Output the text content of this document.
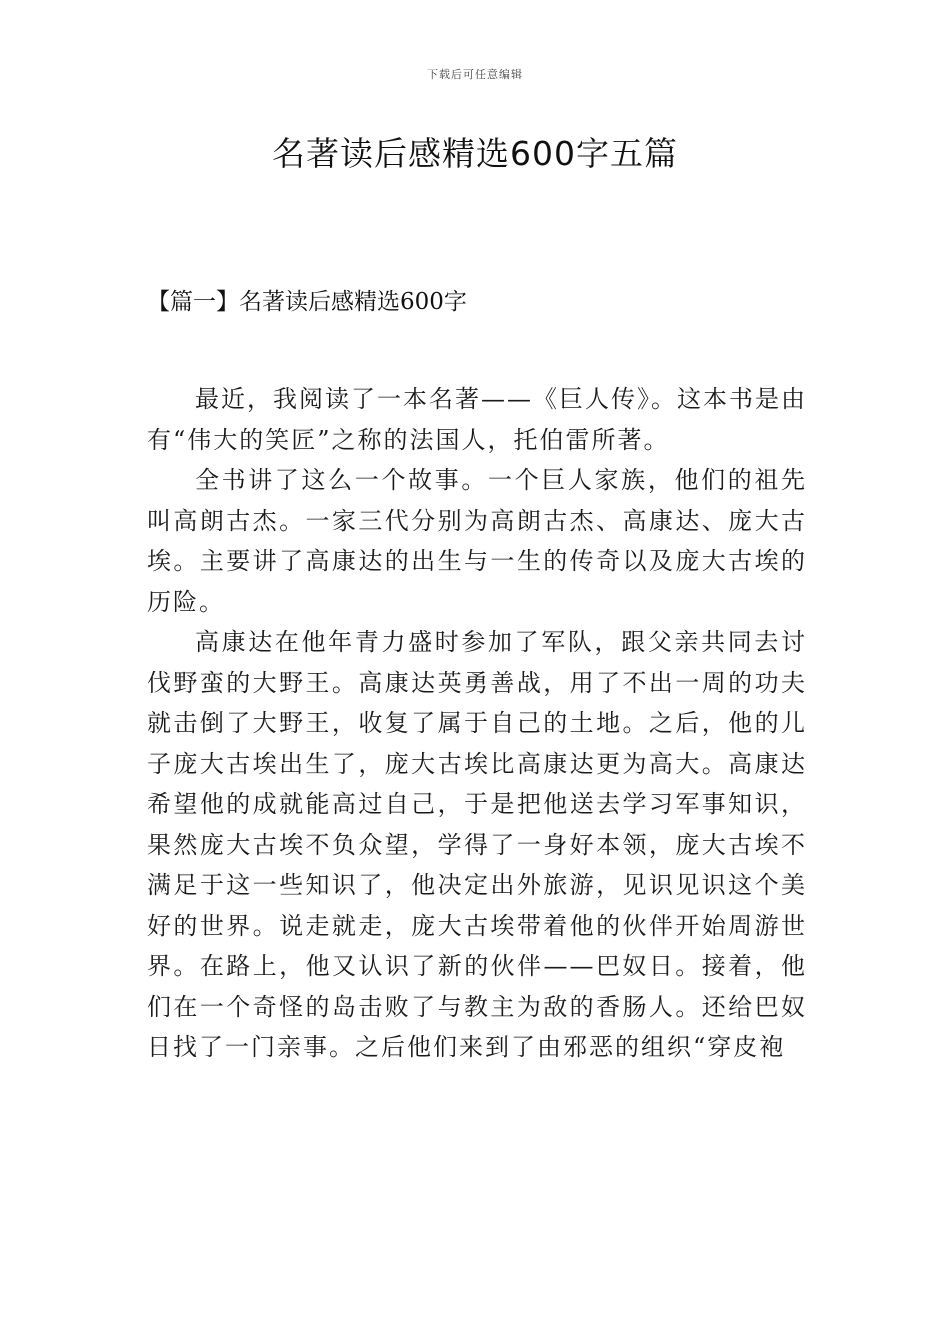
下载后可任意编辑
名著读后感精选600字五篇
【篇一】名著读后感精选600字

最近，我阅读了一本名著——《巨人传》。这本书是由有“伟大的笑匠”之称的法国人，托伯雷所著。

全书讲了这么一个故事。一个巨人家族，他们的祖先叫高朗古杰。一家三代分别为高朗古杰、高康达、庞大古埃。主要讲了高康达的出生与一生的传奇以及庞大古埃的历险。

高康达在他年青力盛时参加了军队，跟父亲共同去讨伐野蛮的大野王。高康达英勇善战，用了不出一周的功夫就击倒了大野王，收复了属于自己的土地。之后，他的儿子庞大古埃出生了，庞大古埃比高康达更为高大。高康达希望他的成就能高过自己，于是把他送去学习军事知识，果然庞大古埃不负众望，学得了一身好本领，庞大古埃不满足于这一些知识了，他决定出外旅游，见识见识这个美好的世界。说走就走，庞大古埃带着他的伙伴开始周游世界。在路上，他又认识了新的伙伴——巴奴日。接着，他们在一个奇怪的岛击败了与教主为敌的香肠人。还给巴奴日找了一门亲事。之后他们来到了由邪恶的组织“穿皮袍
